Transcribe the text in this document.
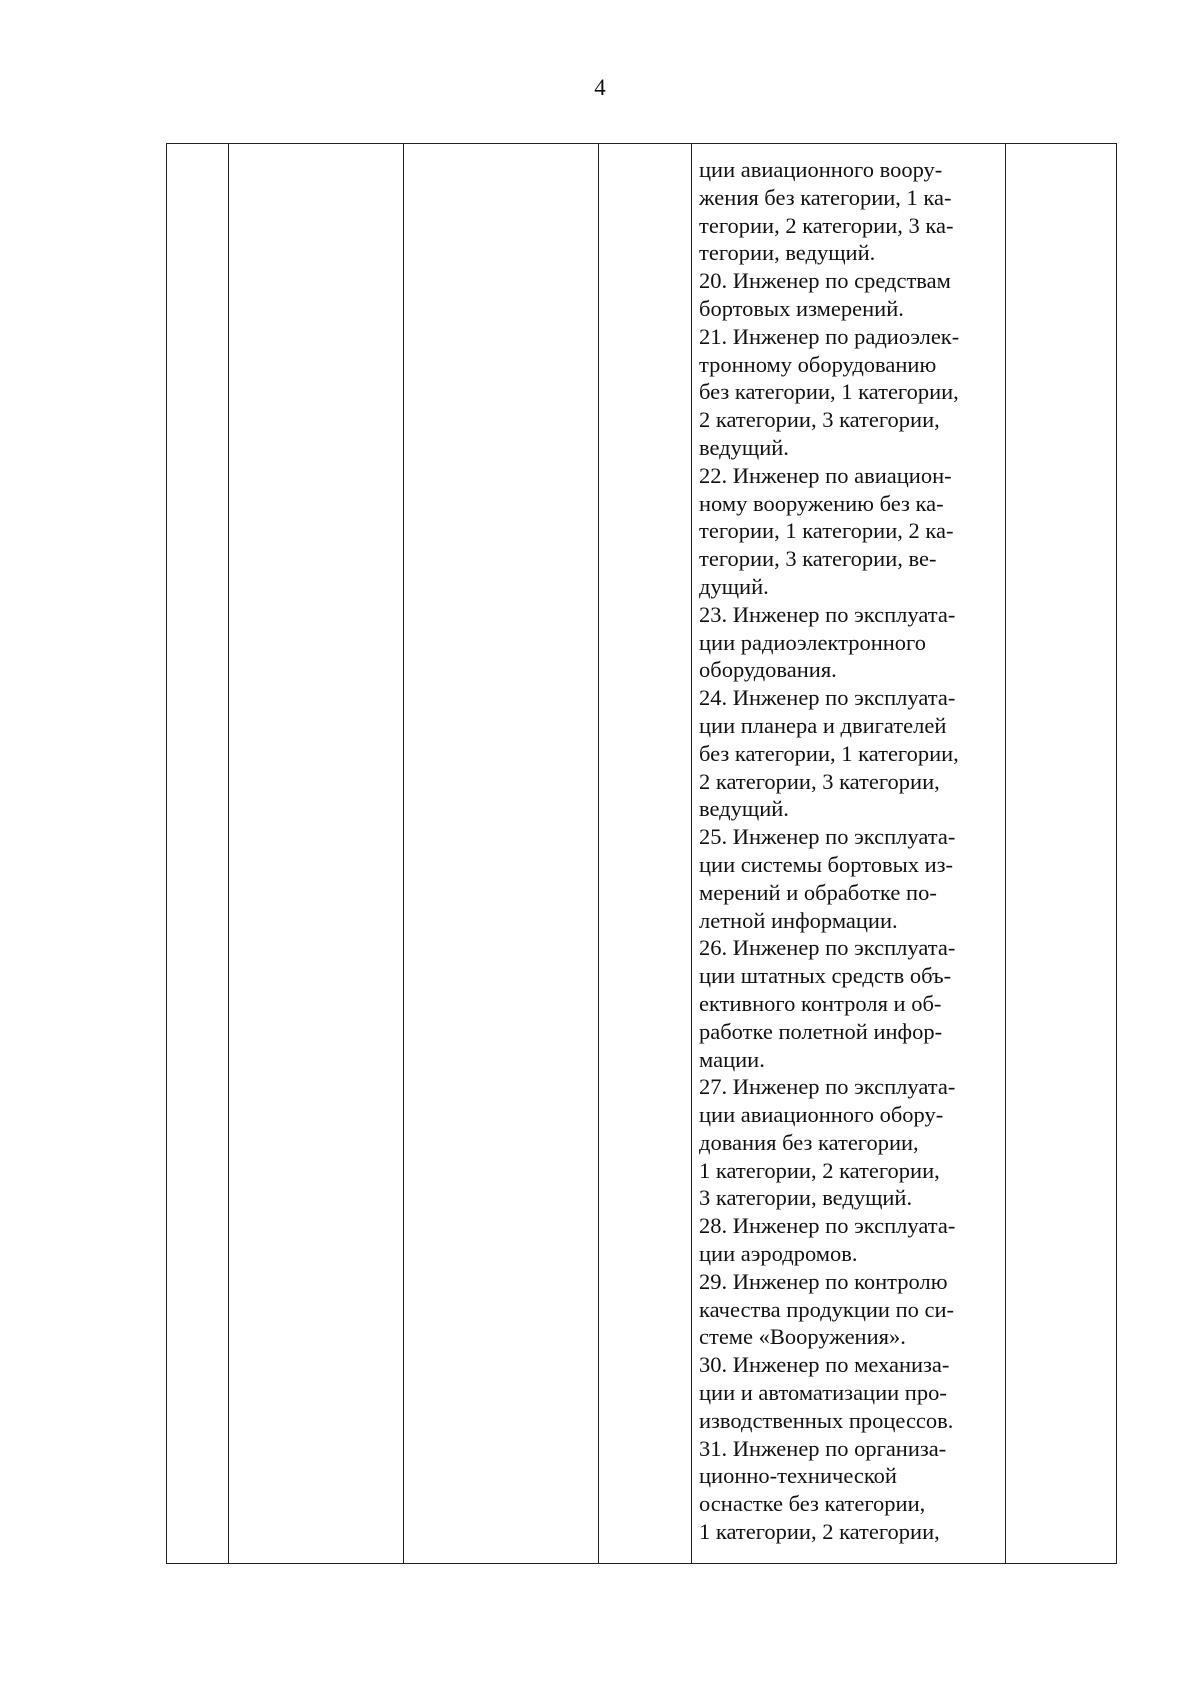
4

ции авиационного воору-
жения без категории, 1 ка-
тегории, 2 категории, 3 ка-
тегории, ведущий.
20. Инженер по средствам
бортовых измерений.
21. Инженер по радиоэлек-
тронному оборудованию
без категории, 1 категории,
2 категории, 3 категории,
ведущий.
22. Инженер по авиацион-
ному вооружению без ка-
тегории, 1 категории, 2 ка-
тегории, 3 категории, ве-
дущий.
23. Инженер по эксплуата-
ции радиоэлектронного
оборудования.
24. Инженер по эксплуата-
ции планера и двигателей
без категории, 1 категории,
2 категории, 3 категории,
ведущий.
25. Инженер по эксплуата-
ции системы бортовых из-
мерений и обработке по-
летной информации.
26. Инженер по эксплуата-
ции штатных средств объ-
ективного контроля и об-
работке полетной инфор-
мации.
27. Инженер по эксплуата-
ции авиационного обору-
дования без категории,
1 категории, 2 категории,
3 категории, ведущий.
28. Инженер по эксплуата-
ции аэродромов.
29. Инженер по контролю
качества продукции по си-
стеме «Вооружения».
30. Инженер по механиза-
ции и автоматизации про-
изводственных процессов.
31. Инженер по организа-
ционно-технической
оснастке без категории,
1 категории, 2 категории,
